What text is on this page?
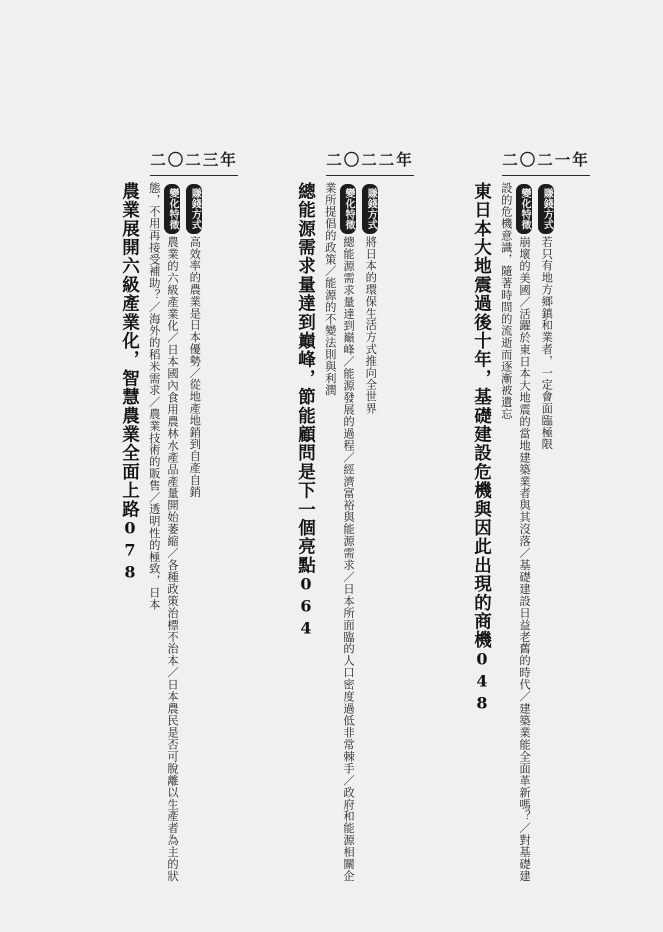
二〇二一年
東日本大地震過後十年，基礎建設危機與因此出現的商機048
變化特徵崩壞的美國／活躍於東日本大地震的當地建築業者與其沒落／基礎建設日益老舊的時代／建築業能全面革新嗎？／對基礎建設的危機意識，隨著時間的流逝而逐漸被遺忘	賺錢方式若只有地方鄉鎮和業者，一定會面臨極限
二〇二二年
總能源需求量達到巔峰，節能顧問是下一個亮點064
變化特徵總能源需求量達到巔峰／能源發展的過程／經濟富裕與能源需求／日本所面臨的人口密度過低非常棘手／政府和能源相關企業所提倡的政策／能源的不變法則與利潤	賺錢方式將日本的環保生活方式推向全世界
二〇二三年
農業展開六級產業化，智慧農業全面上路078
變化特徵農業的六級產業化／日本國內食用農林水產品產量開始萎縮／各種政策治標不治本／日本農民是否可脫離以生產者為主的狀態，不用再接受補助？／海外的稻米需求／農業技術的販售／透明性的極致，日本	賺錢方式高效率的農業是日本優勢／從地產地銷到自產自銷
